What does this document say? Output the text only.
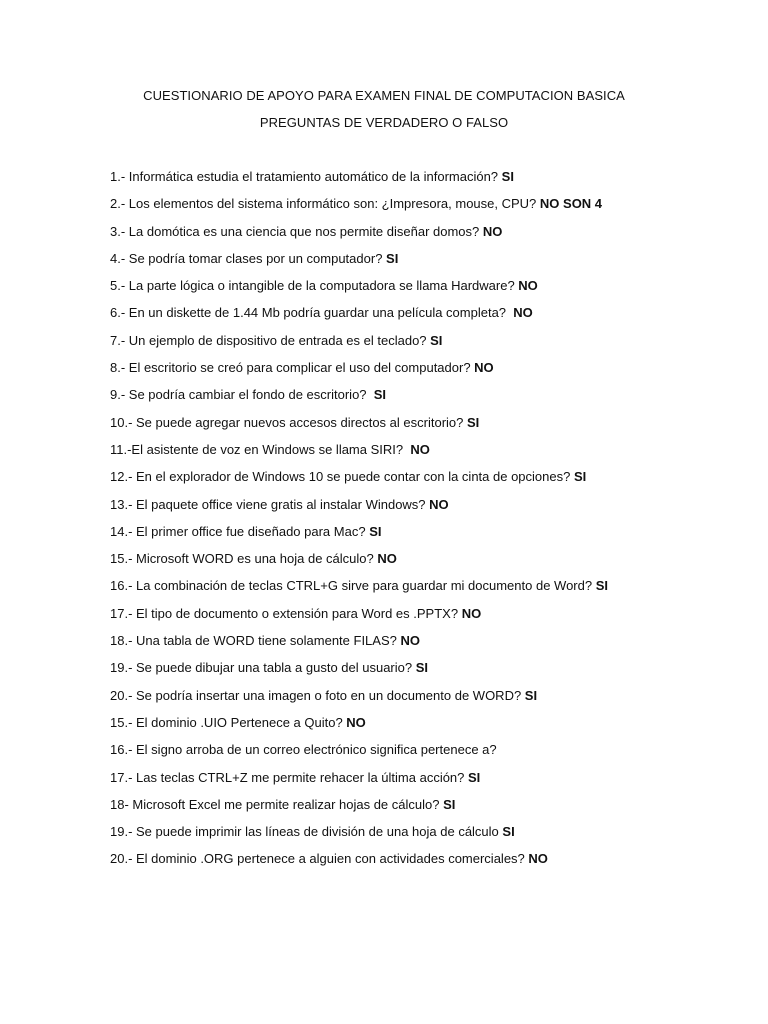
CUESTIONARIO DE APOYO PARA EXAMEN FINAL DE COMPUTACION BASICA
PREGUNTAS DE VERDADERO O FALSO
1.- Informática estudia el tratamiento automático de la información? SI
2.- Los elementos del sistema informático son: ¿Impresora, mouse, CPU? NO SON 4
3.- La domótica es una ciencia que nos permite diseñar domos? NO
4.- Se podría tomar clases por un computador? SI
5.- La parte lógica o intangible de la computadora se llama Hardware? NO
6.- En un diskette de 1.44 Mb podría guardar una película completa?  NO
7.- Un ejemplo de dispositivo de entrada es el teclado? SI
8.- El escritorio se creó para complicar el uso del computador? NO
9.- Se podría cambiar el fondo de escritorio?  SI
10.- Se puede agregar nuevos accesos directos al escritorio? SI
11.-El asistente de voz en Windows se llama SIRI?  NO
12.- En el explorador de Windows 10 se puede contar con la cinta de opciones? SI
13.- El paquete office viene gratis al instalar Windows? NO
14.- El primer office fue diseñado para Mac? SI
15.- Microsoft WORD es una hoja de cálculo? NO
16.- La combinación de teclas CTRL+G sirve para guardar mi documento de Word? SI
17.- El tipo de documento o extensión para Word es .PPTX? NO
18.- Una tabla de WORD tiene solamente FILAS? NO
19.- Se puede dibujar una tabla a gusto del usuario? SI
20.- Se podría insertar una imagen o foto en un documento de WORD? SI
15.- El dominio .UIO Pertenece a Quito? NO
16.- El signo arroba de un correo electrónico significa pertenece a?
17.- Las teclas CTRL+Z me permite rehacer la última acción? SI
18- Microsoft Excel me permite realizar hojas de cálculo? SI
19.- Se puede imprimir las líneas de división de una hoja de cálculo SI
20.- El dominio .ORG pertenece a alguien con actividades comerciales? NO
